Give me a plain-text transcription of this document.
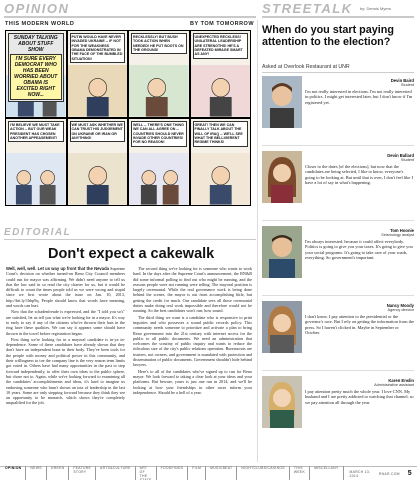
OPINION	STREETALK by: Dennis Myers
THIS MODERN WORLD	BY TOM TOMORROW
SUNDAY TALKING
ABOUT STUFF SHOW
I'M SURE EVERY DEMOCRAT WHO HAS BEEN WORRIED ABOUT OBAMA IS EXCITED RIGHT NOW...
PUTIN WOULD HAVE NEVER INVADED UKRAINE -- IF NOT FOR THE WEAKNESS OBAMA DEMONSTRATED IN THE FACE OF THE BUMBLED SITUATION!
RECKLESSLY! BUT BUSH TOOK ACTION WHEN NEEDED! HE PUT BOOTS ON THE GROUND!
UNEXPECTED RECKLESS! UNILATERAL LEADERSHIP ARE STRENGTHS! HE'S A DEFEATED MIRAGE SMART AS ANY!
I'M BELIEVE WE MUST TAKE ACTION -- BUT OUR WEAK PRESIDENT HAS CHOSEN ANOTHER APPEASEMENT!
WE MUST ASK WHETHER WE CAN TRUST HIS JUDGEMENT ON UKRAINE OR IRAN OR ANYTHING!
WELL -- THERE'S ONE THING WE CAN ALL AGREE ON -- COUNTRIES SHOULD NEVER INVADE OTHER COUNTRIES! FOR NO REASON!
GREAT! THEN WE CAN FINALLY TALK ABOUT THE WILL OF IRAQ -- WE'LL SEE WHAT THE BELLIGERENT REGIME THINKS!
EDITORIAL
Don't expect a cakewalk

Well, well, well. Let us way up front that the Nevada Supreme Court's decision on whether turned-on Reno City Council members could run for mayor was affirming. We didn't need anyone to tell us that the law said in so read the city charter for us, but it would be difficult to count the times people told us we were wrong and stupid since we first wrote about the issue on Jan. 10, 2013, http://bit.ly/1hbp9q. People should know that words have meaning, and words can hurt.

Now that the schadenfreude is expressed, and the "I told you so's" are satisfied, let us tell you what we're looking for in a mayor. It's way to early to say if any of the citizens who've thrown their hats in the ring have these qualities. We can say it appears some should have thrown in the towel before registration began.

First thing we're looking for in a mayoral candidate is in-ya in-dependence. Some of these candidates have already shown that they don't have an independent bone in their body. They've been tools for the people with money and political power in this community, and their willingness to toe the company line is the very reason term limits got voted in. Others have had many opportunities in the past to step forward independently, to offer their own ideas to the public sphere, but chose not to. Again, while we're looking forward to examining all the candidates' accomplishments and ideas, it's hard to imagine us endorsing someone who hasn't shown an iota of leadership in the last 10 years. Some are only stepping forward because they think they see an opportunity to be monarch, which shows they're completely unqualified for the job.

The second thing we're looking for is someone who wants to work hard. In the days after the Supreme Court's announcement, the RN&R did some informal polling to find out who might be running, and the reasons people were not running were telling. The mayoral position is largely ceremonial. While the real governance work is being done behind the scenes, the mayor is out front accomplishing little, but getting the credit for much. Our candidate sees all those ceremonial duties make doing real work impossible and therefore would not be running. So the best candidates won't run; how sound.

The third thing we want is a candidate who is responsive to print inquiries and who possesses a sound public records policy. This community needs someone to prioritize and activate a plan to bring Reno government into the 21st century with internet access for the public to all public documents. We need an administration that welcomes the scrutiny of public inquiry and wants to reduce the ridiculous size of the city's public relations operation. Bureaucrats are trustees, not owners, and government is mandated with protection and dissemination of public documents. Government shouldn't hide behind lawyers.

Here's to all of the candidates who've signed up to run for Reno mayor. We look forward to taking a clear look at your ideas and your platforms. But beware, yours is just one run in 2014, and we'll be looking at how your friendships in other races inform your independence. Should be a hell of a year.

When do you start paying attention to the election?
Asked at Overlook Restaurant at UNR
Devin Baird
Student
I'm not really interested in elections. I'm not really interested in politics. I might get interested later, but I don't know if I'm registered yet.
Devin Ballard
Student
Closer to the dates [of the elections], but now that the candidates are being selected, I like to know, everyone's going to be looking at. But until that is over, I don't feel like I have a lot of say in what's happening.
Tom Hoonie
Seismology analyst
I'm always interested, because it could affect everybody. Politics is going to give you your taxes. It's going to give you your social programs. It's going to take care of your roads, everything. So government's important.
Nancy Moody
Agency director
I don't know. I pay attention to the presidential or the governor's race. But I rely on getting the information from the press. So I haven't clicked in. Maybe in September or October.
Karen Enslin
Administrative assistant
I pay attention pretty much the whole year. I love CNN. My husband and I are pretty addicted to watching that channel, so we pay attention all through the year.
OPINION	NEWS	GREEN	FEATURE STORY
ARTS&CULTURE	ART OF THE STATE
FOODFINDS	FILM	MUSICBEAT	NIGHTCLUBS/CASINOS	THIS WEEK
MISCELLANY
MARCH 13, 2014	RN&R.COM 5
